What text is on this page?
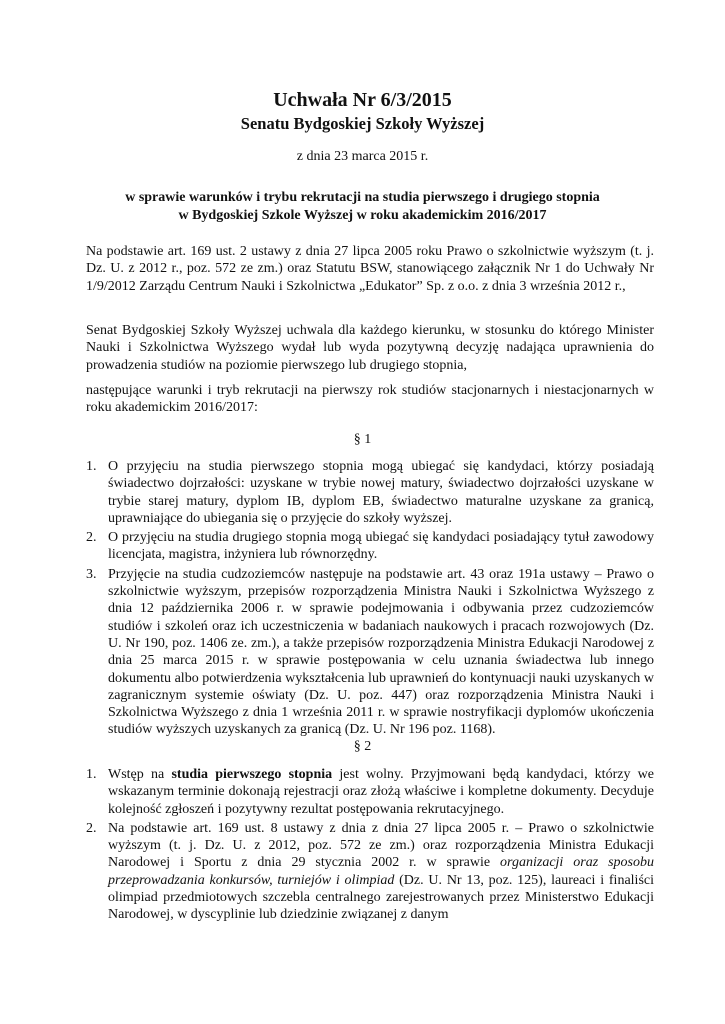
Uchwała Nr 6/3/2015
Senatu Bydgoskiej Szkoły Wyższej
z dnia 23 marca 2015 r.
w sprawie warunków i trybu rekrutacji na studia pierwszego i drugiego stopnia
w Bydgoskiej Szkole Wyższej w roku akademickim 2016/2017
Na podstawie art. 169 ust. 2 ustawy z dnia 27 lipca 2005 roku Prawo o szkolnictwie wyższym (t. j. Dz. U. z 2012 r., poz. 572 ze zm.) oraz Statutu BSW, stanowiącego załącznik Nr 1 do Uchwały Nr 1/9/2012 Zarządu Centrum Nauki i Szkolnictwa „Edukator” Sp. z o.o. z dnia 3 września 2012 r.,
Senat Bydgoskiej Szkoły Wyższej uchwala dla każdego kierunku, w stosunku do którego Minister Nauki i Szkolnictwa Wyższego wydał lub wyda pozytywną decyzję nadająca uprawnienia do prowadzenia studiów na poziomie pierwszego lub drugiego stopnia,
następujące warunki i tryb rekrutacji na pierwszy rok studiów stacjonarnych i niestacjonarnych w roku akademickim 2016/2017:
§ 1
1. O przyjęciu na studia pierwszego stopnia mogą ubiegać się kandydaci, którzy posiadają świadectwo dojrzałości: uzyskane w trybie nowej matury, świadectwo dojrzałości uzyskane w trybie starej matury, dyplom IB, dyplom EB, świadectwo maturalne uzyskane za granicą, uprawniające do ubiegania się o przyjęcie do szkoły wyższej.
2. O przyjęciu na studia drugiego stopnia mogą ubiegać się kandydaci posiadający tytuł zawodowy licencjata, magistra, inżyniera lub równorzędny.
3. Przyjęcie na studia cudzoziemców następuje na podstawie art. 43 oraz 191a ustawy – Prawo o szkolnictwie wyższym, przepisów rozporządzenia Ministra Nauki i Szkolnictwa Wyższego z dnia 12 października 2006 r. w sprawie podejmowania i odbywania przez cudzoziemców studiów i szkoleń oraz ich uczestniczenia w badaniach naukowych i pracach rozwojowych (Dz. U. Nr 190, poz. 1406 ze. zm.), a także przepisów rozporządzenia Ministra Edukacji Narodowej z dnia 25 marca 2015 r. w sprawie postępowania w celu uznania świadectwa lub innego dokumentu albo potwierdzenia wykształcenia lub uprawnień do kontynuacji nauki uzyskanych w zagranicznym systemie oświaty (Dz. U. poz. 447) oraz rozporządzenia Ministra Nauki i Szkolnictwa Wyższego z dnia 1 września 2011 r. w sprawie nostryfikacji dyplomów ukończenia studiów wyższych uzyskanych za granicą (Dz. U. Nr 196 poz. 1168).
§ 2
1. Wstęp na studia pierwszego stopnia jest wolny. Przyjmowani będą kandydaci, którzy we wskazanym terminie dokonają rejestracji oraz złożą właściwe i kompletne dokumenty. Decyduje kolejność zgłoszeń i pozytywny rezultat postępowania rekrutacyjnego.
2. Na podstawie art. 169 ust. 8 ustawy z dnia z dnia 27 lipca 2005 r. – Prawo o szkolnictwie wyższym (t. j. Dz. U. z 2012, poz. 572 ze zm.) oraz rozporządzenia Ministra Edukacji Narodowej i Sportu z dnia 29 stycznia 2002 r. w sprawie organizacji oraz sposobu przeprowadzania konkursów, turniejów i olimpiad (Dz. U. Nr 13, poz. 125), laureaci i finaliści olimpiad przedmiotowych szczebla centralnego zarejestrowanych przez Ministerstwo Edukacji Narodowej, w dyscyplinie lub dziedzinie związanej z danym
